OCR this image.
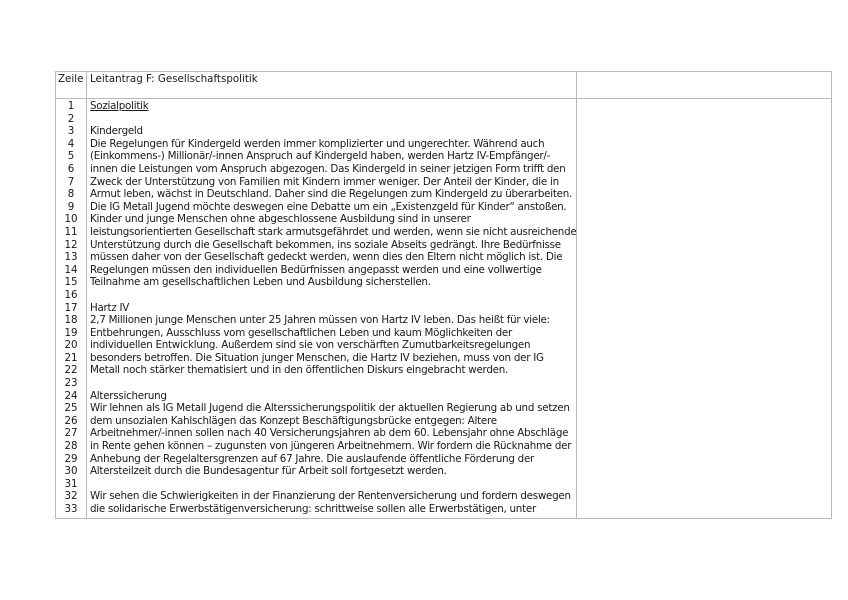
Zeile Leitantrag F: Gesellschaftspolitik
1
2
3
4
5
6
7
8
9
10
11
12
13
14
15
16
17
18
19
20
21
22
23
24
25
26
27
28
29
30
31
32
33
Sozialpolitik
Kindergeld
Die Regelungen für Kindergeld werden immer komplizierter und ungerechter. Während auch
(Einkommens-) Millionär/-innen Anspruch auf Kindergeld haben, werden Hartz IV-Empfänger/-
innen die Leistungen vom Anspruch abgezogen. Das Kindergeld in seiner jetzigen Form trifft den
Zweck der Unterstützung von Familien mit Kindern immer weniger. Der Anteil der Kinder, die in
Armut leben, wächst in Deutschland. Daher sind die Regelungen zum Kindergeld zu überarbeiten.
Die IG Metall Jugend möchte deswegen eine Debatte um ein „Existenzgeld für Kinder“ anstoßen.
Kinder und junge Menschen ohne abgeschlossene Ausbildung sind in unserer
leistungsorientierten Gesellschaft stark armutsgefährdet und werden, wenn sie nicht ausreichende
Unterstützung durch die Gesellschaft bekommen, ins soziale Abseits gedrängt. Ihre Bedürfnisse
müssen daher von der Gesellschaft gedeckt werden, wenn dies den Eltern nicht möglich ist. Die
Regelungen müssen den individuellen Bedürfnissen angepasst werden und eine vollwertige
Teilnahme am gesellschaftlichen Leben und Ausbildung sicherstellen.
Hartz IV
2,7 Millionen junge Menschen unter 25 Jahren müssen von Hartz IV leben. Das heißt für viele:
Entbehrungen, Ausschluss vom gesellschaftlichen Leben und kaum Möglichkeiten der
individuellen Entwicklung. Außerdem sind sie von verschärften Zumutbarkeitsregelungen
besonders betroffen. Die Situation junger Menschen, die Hartz IV beziehen, muss von der IG
Metall noch stärker thematisiert und in den öffentlichen Diskurs eingebracht werden.
Alterssicherung
Wir lehnen als IG Metall Jugend die Alterssicherungspolitik der aktuellen Regierung ab und setzen
dem unsozialen Kahlschlägen das Konzept Beschäftigungsbrücke entgegen: Ältere
Arbeitnehmer/-innen sollen nach 40 Versicherungsjahren ab dem 60. Lebensjahr ohne Abschläge
in Rente gehen können – zugunsten von jüngeren Arbeitnehmern. Wir fordern die Rücknahme der
Anhebung der Regelaltersgrenzen auf 67 Jahre. Die auslaufende öffentliche Förderung der
Altersteilzeit durch die Bundesagentur für Arbeit soll fortgesetzt werden.
Wir sehen die Schwierigkeiten in der Finanzierung der Rentenversicherung und fordern deswegen
die solidarische Erwerbstätigenversicherung: schrittweise sollen alle Erwerbstätigen, unter
